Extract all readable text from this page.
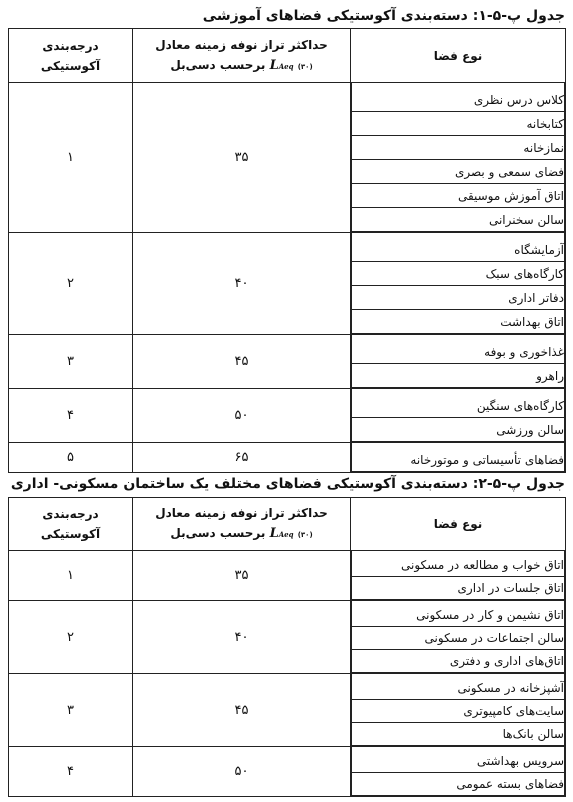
جدول پ-۵-۱: دسته‌بندی آکوستیکی فضاهای آموزشی
نوع فضا	
حداکثر تراز نوفه زمینه معادل
(۳۰) LAeq برحسب دسی‌بل

درجه‌بندی
آکوستیکی

کلاس درس نظری
کتابخانه
نمازخانه
فضای سمعی و بصری
اتاق آموزش موسیقی
سالن سخنرانی
	۳۵	۱

آزمایشگاه
کارگاه‌های سبک
دفاتر اداری
اتاق بهداشت
	۴۰	۲

غذاخوری و بوفه
راهرو
	۴۵	۳

کارگاه‌های سنگین
سالن ورزشی
	۵۰	۴

فضاهای تأسیساتی و موتورخانه
	۶۵	۵
جدول پ-۵-۲: دسته‌بندی آکوستیکی فضاهای مختلف یک ساختمان مسکونی- اداری
نوع فضا	
حداکثر تراز نوفه زمینه معادل
(۳۰) LAeq برحسب دسی‌بل

درجه‌بندی
آکوستیکی

اتاق خواب و مطالعه در مسکونی
اتاق جلسات در اداری
	۳۵	۱

اتاق نشیمن و کار در مسکونی
سالن اجتماعات در مسکونی
اتاق‌های اداری و دفتری
	۴۰	۲

آشپزخانه در مسکونی
سایت‌های کامپیوتری
سالن بانک‌ها
	۴۵	۳

سرویس بهداشتی
فضاهای بسته عمومی
	۵۰	۴
